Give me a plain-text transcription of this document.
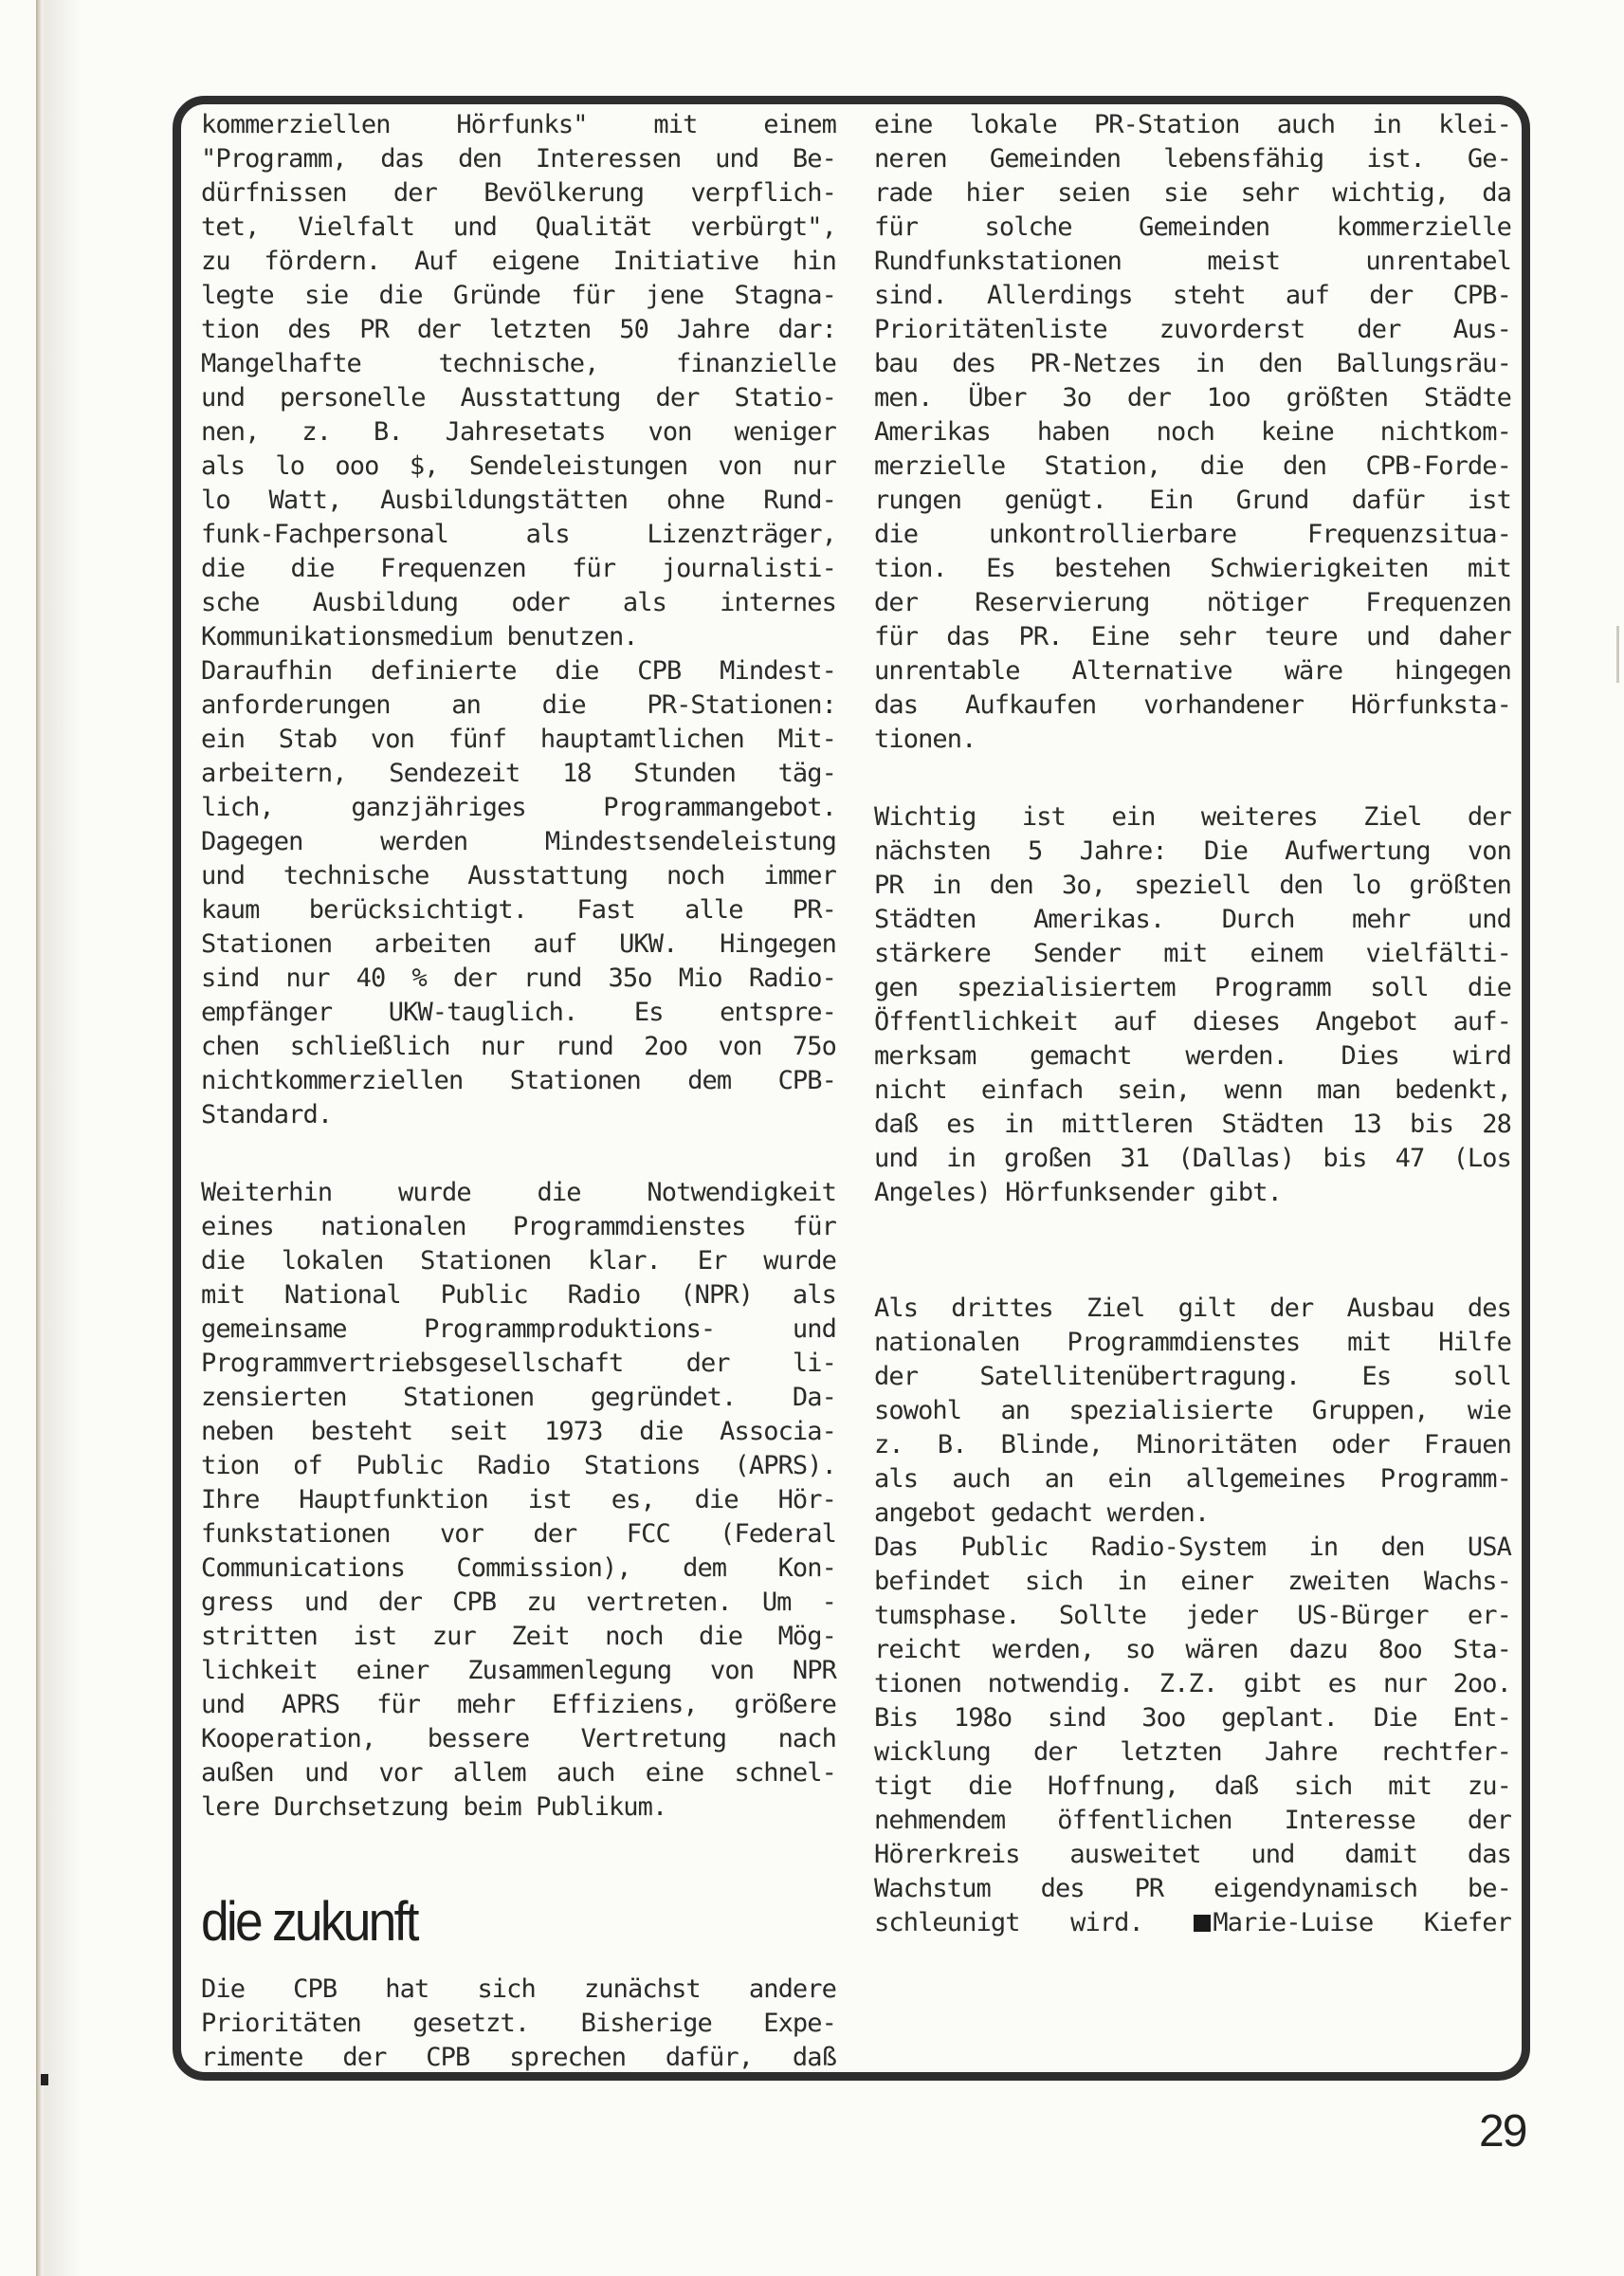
kommerziellen Hörfunks" mit einem
"Programm, das den Interessen und Be-
dürfnissen der Bevölkerung verpflich-
tet, Vielfalt und Qualität verbürgt",
zu fördern. Auf eigene Initiative hin
legte sie die Gründe für jene Stagna-
tion des PR der letzten 50 Jahre dar:
Mangelhafte technische, finanzielle
und personelle Ausstattung der Statio-
nen, z. B. Jahresetats von weniger
als lo ooo $, Sendeleistungen von nur
lo Watt, Ausbildungstätten ohne Rund-
funk-Fachpersonal als Lizenzträger,
die die Frequenzen für journalisti-
sche Ausbildung oder als internes
Kommunikationsmedium benutzen.
Daraufhin definierte die CPB Mindest-
anforderungen an die PR-Stationen:
ein Stab von fünf hauptamtlichen Mit-
arbeitern, Sendezeit 18 Stunden täg-
lich, ganzjähriges Programmangebot.
Dagegen werden Mindestsendeleistung
und technische Ausstattung noch immer
kaum berücksichtigt. Fast alle PR-
Stationen arbeiten auf UKW. Hingegen
sind nur 40 % der rund 35o Mio Radio-
empfänger UKW-tauglich. Es entspre-
chen schließlich nur rund 2oo von 75o
nichtkommerziellen Stationen dem CPB-
Standard.
Weiterhin wurde die Notwendigkeit
eines nationalen Programmdienstes für
die lokalen Stationen klar. Er wurde
mit National Public Radio (NPR) als
gemeinsame Programmproduktions- und
Programmvertriebsgesellschaft der li-
zensierten Stationen gegründet. Da-
neben besteht seit 1973 die Associa-
tion of Public Radio Stations (APRS).
Ihre Hauptfunktion ist es, die Hör-
funkstationen vor der FCC (Federal
Communications Commission), dem Kon-
gress und der CPB zu vertreten. Um -
stritten ist zur Zeit noch die Mög-
lichkeit einer Zusammenlegung von NPR
und APRS für mehr Effiziens, größere
Kooperation, bessere Vertretung nach
außen und vor allem auch eine schnel-
lere Durchsetzung beim Publikum.
Die CPB hat sich zunächst andere
Prioritäten gesetzt. Bisherige Expe-
rimente der CPB sprechen dafür, daß
die zukunft
eine lokale PR-Station auch in klei-
neren Gemeinden lebensfähig ist. Ge-
rade hier seien sie sehr wichtig, da
für solche Gemeinden kommerzielle
Rundfunkstationen meist unrentabel
sind. Allerdings steht auf der CPB-
Prioritätenliste zuvorderst der Aus-
bau des PR-Netzes in den Ballungsräu-
men. Über 3o der 1oo größten Städte
Amerikas haben noch keine nichtkom-
merzielle Station, die den CPB-Forde-
rungen genügt. Ein Grund dafür ist
die unkontrollierbare Frequenzsitua-
tion. Es bestehen Schwierigkeiten mit
der Reservierung nötiger Frequenzen
für das PR. Eine sehr teure und daher
unrentable Alternative wäre hingegen
das Aufkaufen vorhandener Hörfunksta-
tionen.
Wichtig ist ein weiteres Ziel der
nächsten 5 Jahre: Die Aufwertung von
PR in den 3o, speziell den lo größten
Städten Amerikas. Durch mehr und
stärkere Sender mit einem vielfälti-
gen spezialisiertem Programm soll die
Öffentlichkeit auf dieses Angebot auf-
merksam gemacht werden. Dies wird
nicht einfach sein, wenn man bedenkt,
daß es in mittleren Städten 13 bis 28
und in großen 31 (Dallas) bis 47 (Los
Angeles) Hörfunksender gibt.
Als drittes Ziel gilt der Ausbau des
nationalen Programmdienstes mit Hilfe
der Satellitenübertragung. Es soll
sowohl an spezialisierte Gruppen, wie
z. B. Blinde, Minoritäten oder Frauen
als auch an ein allgemeines Programm-
angebot gedacht werden.
Das Public Radio-System in den USA
befindet sich in einer zweiten Wachs-
tumsphase. Sollte jeder US-Bürger er-
reicht werden, so wären dazu 8oo Sta-
tionen notwendig. Z.Z. gibt es nur 2oo.
Bis 198o sind 3oo geplant. Die Ent-
wicklung der letzten Jahre rechtfer-
tigt die Hoffnung, daß sich mit zu-
nehmendem öffentlichen Interesse der
Hörerkreis ausweitet und damit das
Wachstum des PR eigendynamisch be-
schleunigt wird.	Marie-Luise Kiefer
29
